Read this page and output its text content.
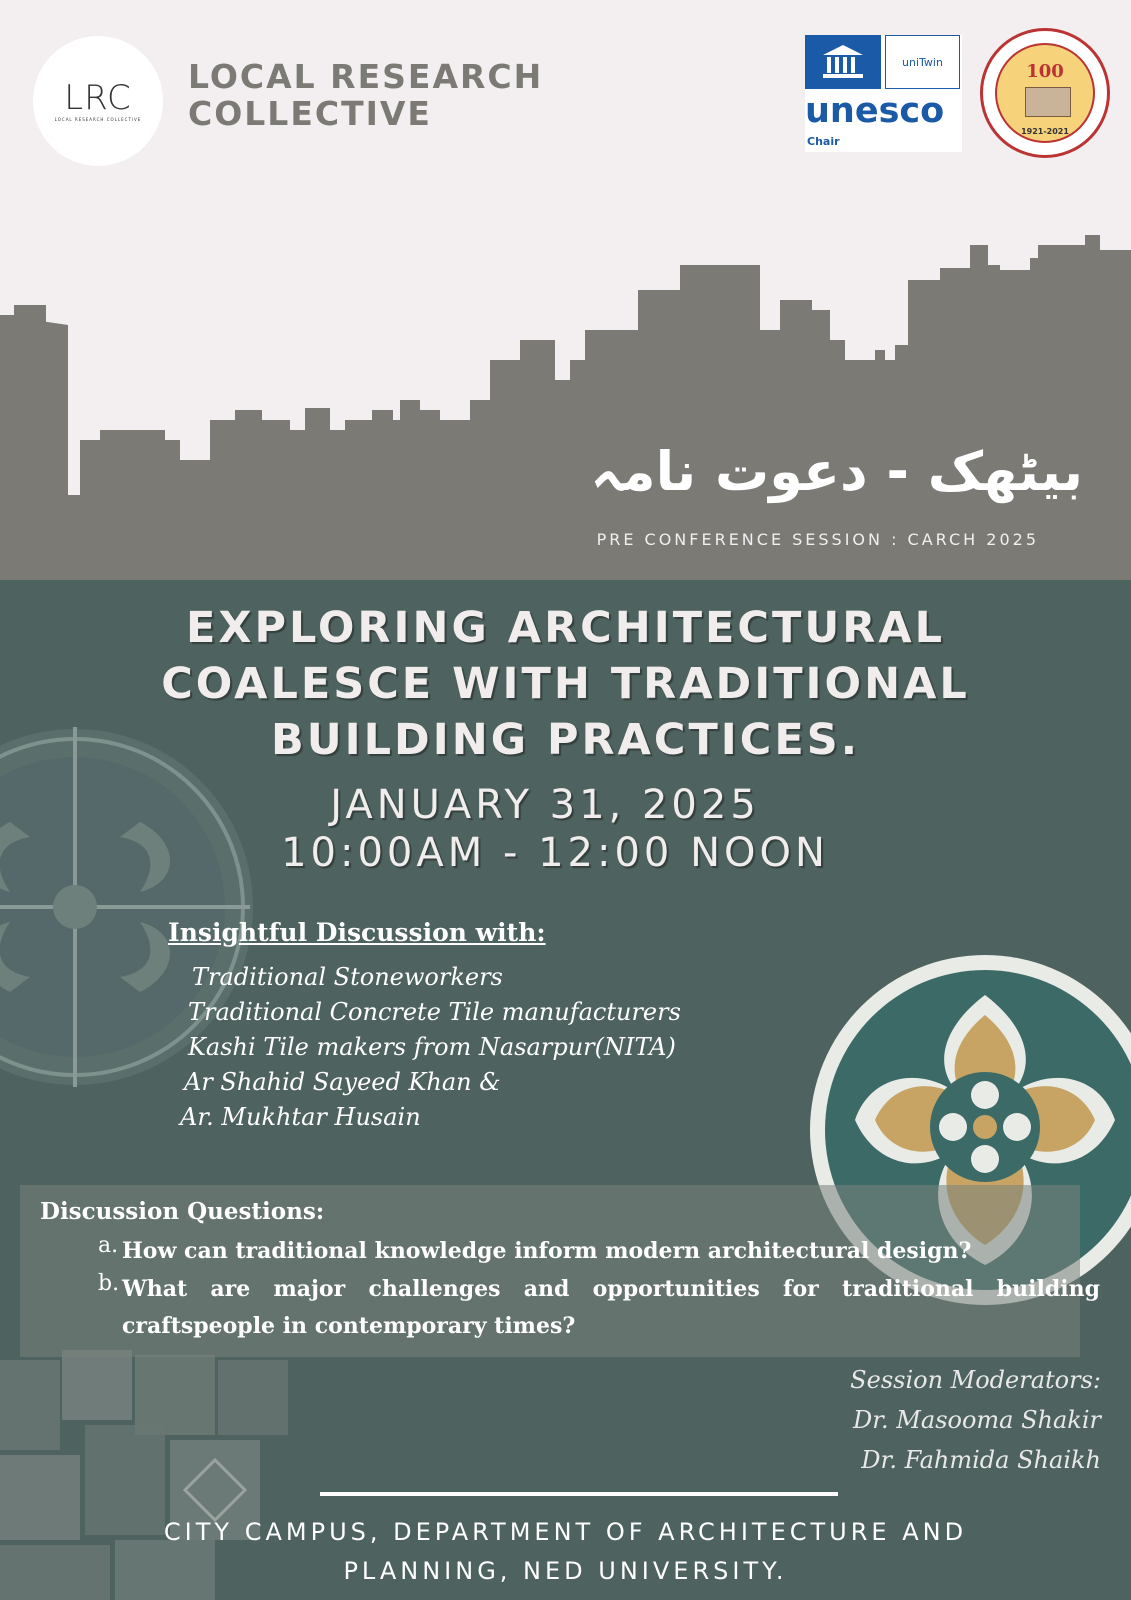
LRC
LOCAL RESEARCH COLLECTIVE
LOCAL RESEARCH
COLLECTIVE
uniTwin
unesco
Chair
100
1921-2021
بیٹھک - دعوت نامہ
PRE CONFERENCE SESSION : CARCH 2025
EXPLORING ARCHITECTURAL
COALESCE WITH TRADITIONAL
BUILDING PRACTICES.
JANUARY 31, 2025
10:00AM - 12:00 NOON
Insightful Discussion with:
Traditional Stoneworkers
Traditional Concrete Tile manufacturers
Kashi Tile makers from Nasarpur(NITA)
Ar Shahid Sayeed Khan &
Ar. Mukhtar Husain
Discussion Questions:
a. How can traditional knowledge inform modern architectural design?
b. What are major challenges and opportunities for traditional building craftspeople in contemporary times?
Session Moderators:
Dr. Masooma Shakir
Dr. Fahmida Shaikh
CITY CAMPUS, DEPARTMENT OF ARCHITECTURE AND
PLANNING, NED UNIVERSITY.
